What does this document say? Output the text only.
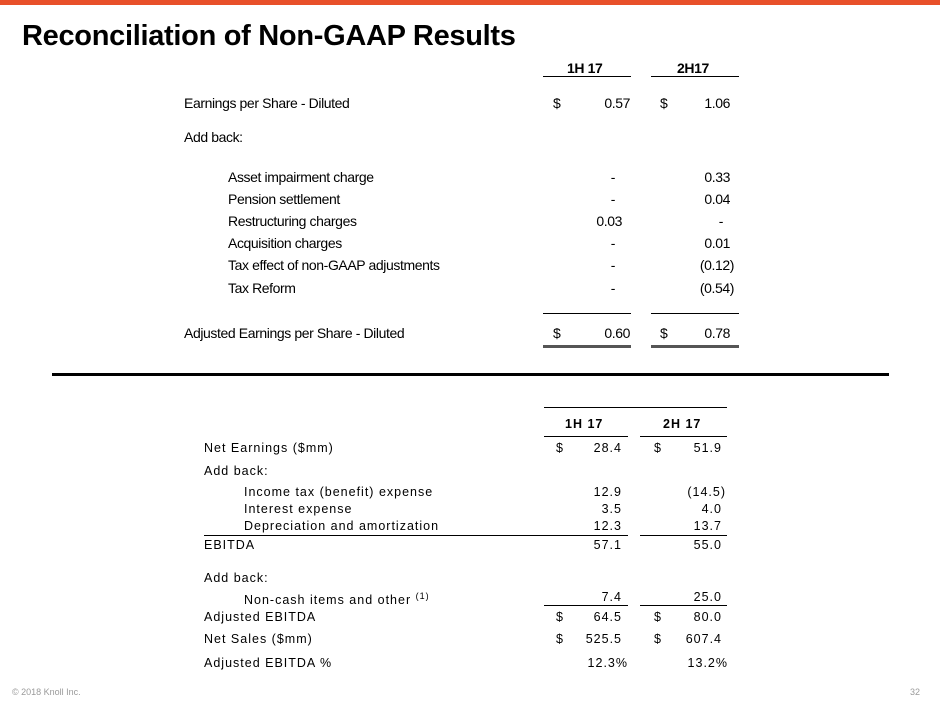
Reconciliation of Non-GAAP Results
1H 17	2H17
Earnings per Share - Diluted	$	0.57 $	1.06
Add back:
Asset impairment charge	-	0.33
Pension settlement	-	0.04
Restructuring charges	0.03	-
Acquisition charges	-	0.01
Tax effect of non-GAAP adjustments	-	(0.12)
Tax Reform	-	(0.54)
Adjusted Earnings per Share - Diluted	$	0.60 $	0.78
1H 17	2H 17
Net Earnings ($mm)	$	28.4	$	51.9
Add back:
Income tax (benefit) expense	12.9	(14.5)
Interest expense	3.5	4.0
Depreciation and amortization	12.3	13.7
EBITDA	57.1	55.0
Add back:
Non-cash items and other $^{(1)}$	7.4	25.0
Adjusted EBITDA	$	64.5	$	80.0
Net Sales ($mm)	$	525.5	$	607.4
Adjusted EBITDA %	12.3%	13.2%
© 2018 Knoll Inc.	32
